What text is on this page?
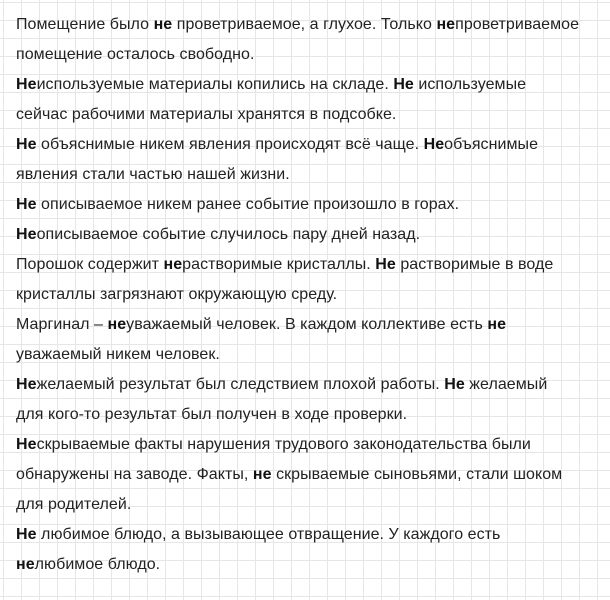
Помещение было не проветриваемое, а глухое. Только непроветриваемое
помещение осталось свободно.
Неиспользуемые материалы копились на складе. Не используемые
сейчас рабочими материалы хранятся в подсобке.
Не объяснимые никем явления происходят всё чаще. Необъяснимые
явления стали частью нашей жизни.
Не описываемое никем ранее событие произошло в горах.
Неописываемое событие случилось пару дней назад.
Порошок содержит нерастворимые кристаллы. Не растворимые в воде
кристаллы загрязнают окружающую среду.
Маргинал – неуважаемый человек. В каждом коллективе есть не
уважаемый никем человек.
Нежелаемый результат был следствием плохой работы. Не желаемый
для кого-то результат был получен в ходе проверки.
Нескрываемые факты нарушения трудового законодательства были
обнаружены на заводе. Факты, не скрываемые сыновьями, стали шоком
для родителей.
Не любимое блюдо, а вызывающее отвращение. У каждого есть
нелюбимое блюдо.
